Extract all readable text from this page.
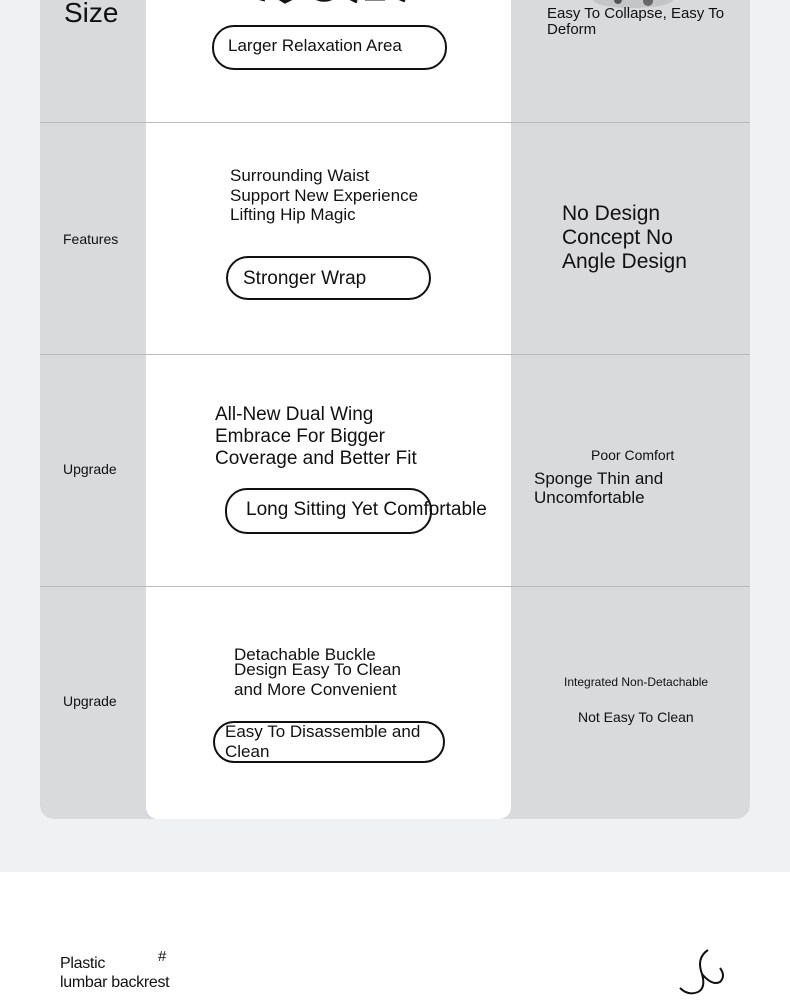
Size
Larger Relaxation Area
Easy To Collapse, Easy To Deform
Features
Surrounding Waist Support New Experience Lifting Hip Magic
Stronger Wrap
No Design Concept No Angle Design
Upgrade
All-New Dual Wing Embrace For Bigger Coverage and Better Fit
Long Sitting Yet Comfortable
Poor Comfort
Sponge Thin and Uncomfortable
Upgrade
Detachable Buckle
Design Easy To Clean and More Convenient
Easy To Disassemble and Clean
Integrated Non-Detachable
Not Easy To Clean
Plastic
lumbar backrest
#
